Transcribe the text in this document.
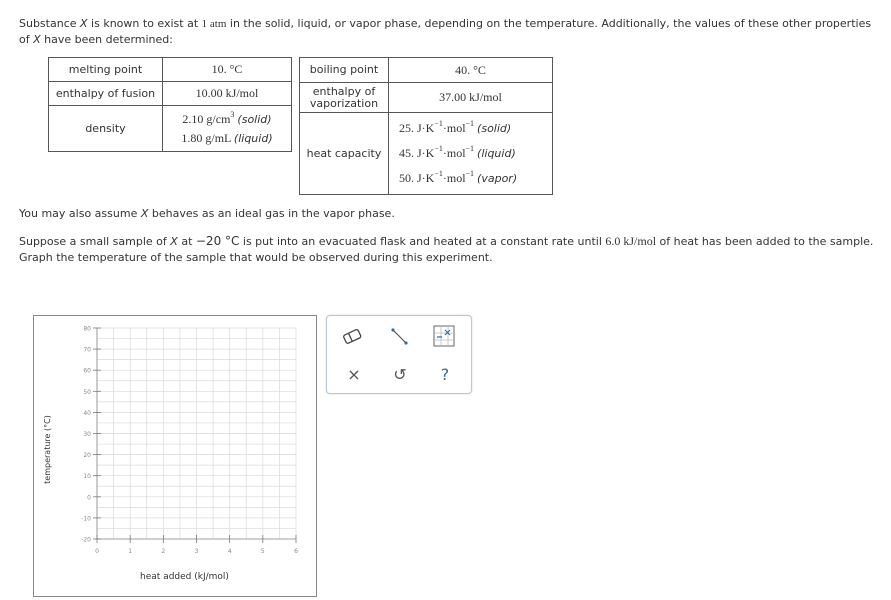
Substance X is known to exist at 1 atm in the solid, liquid, or vapor phase, depending on the temperature. Additionally, the values of these other properties of X have been determined:
melting point	10. °C
enthalpy of fusion	10.00 kJ/mol
density	2.10 $g/cm^3$ (solid)
1.80 g/mL (liquid)
boiling point	40. °C
enthalpy of vaporization	37.00 kJ/mol
heat capacity	25. $J\cdot K^{-1}\cdot mol^{-1}$ (solid)
45. $J\cdot K^{-1}\cdot mol^{-1}$ (liquid)
50. $J\cdot K^{-1}\cdot mol^{-1}$ (vapor)
You may also assume X behaves as an ideal gas in the vapor phase.
Suppose a small sample of X at −20 °C is put into an evacuated flask and heated at a constant rate until 6.0 kJ/mol of heat has been added to the sample. Graph the temperature of the sample that would be observed during this experiment.
80
70
60
50
40
30
20
10
0
-10
-20
0	1	2	3	4	5	6
heat added (kJ/mol)
temperature (°C)
× ↺ ?
